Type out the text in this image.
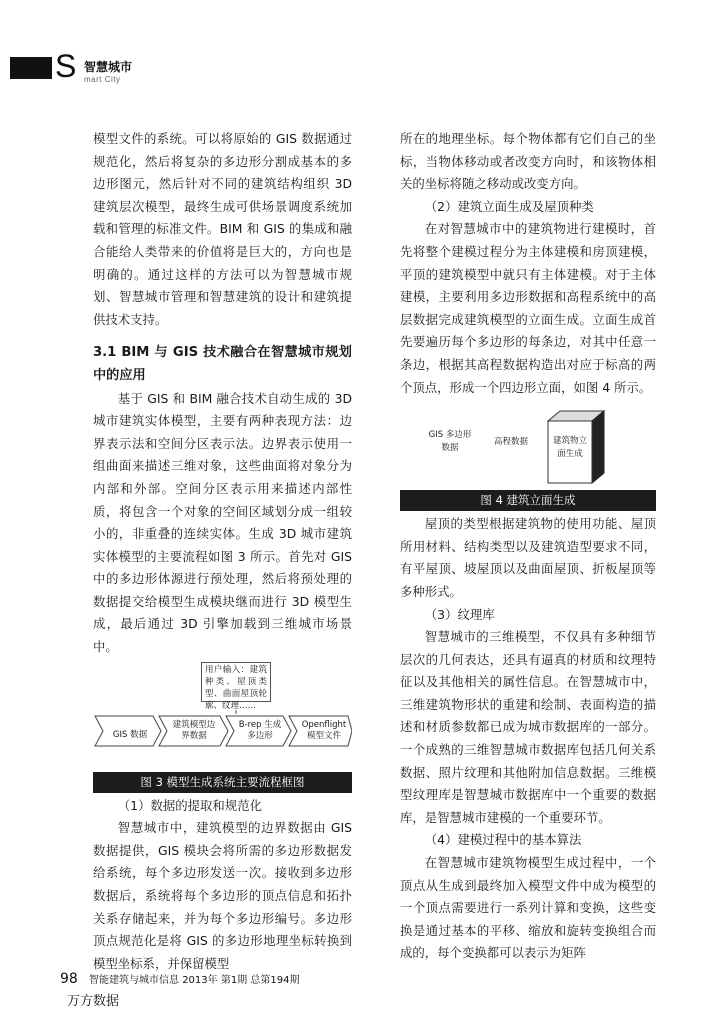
S 智慧城市
mart City

模型文件的系统。可以将原始的 GIS 数据通过规范化，然后将复杂的多边形分割成基本的多边形图元，然后针对不同的建筑结构组织 3D 建筑层次模型，最终生成可供场景调度系统加载和管理的标准文件。BIM 和 GIS 的集成和融合能给人类带来的价值将是巨大的，方向也是明确的。通过这样的方法可以为智慧城市规划、智慧城市管理和智慧建筑的设计和建筑提供技术支持。

3.1 BIM 与 GIS 技术融合在智慧城市规划中的应用

基于 GIS 和 BIM 融合技术自动生成的 3D 城市建筑实体模型，主要有两种表现方法：边界表示法和空间分区表示法。边界表示使用一组曲面来描述三维对象，这些曲面将对象分为内部和外部。空间分区表示用来描述内部性质，将包含一个对象的空间区域划分成一组较小的，非重叠的连续实体。生成 3D 城市建筑实体模型的主要流程如图 3 所示。首先对 GIS 中的多边形体源进行预处理，然后将预处理的数据提交给模型生成模块继而进行 3D 模型生成，最后通过 3D 引擎加载到三维城市场景中。

用户输入：建筑种类、屋顶类型、曲面屋顶轮廓、纹理……
GIS 数据
建筑模型边界数据
B-rep 生成多边形
Openflight 模型文件
图 3 模型生成系统主要流程框图

（1）数据的提取和规范化

智慧城市中，建筑模型的边界数据由 GIS 数据提供，GIS 模块会将所需的多边形数据发给系统，每个多边形发送一次。接收到多边形数据后，系统将每个多边形的顶点信息和拓扑关系存储起来，并为每个多边形编号。多边形顶点规范化是将 GIS 的多边形地理坐标转换到模型坐标系，并保留模型

所在的地理坐标。每个物体都有它们自己的坐标，当物体移动或者改变方向时，和该物体相关的坐标将随之移动或改变方向。

（2）建筑立面生成及屋顶种类

在对智慧城市中的建筑物进行建模时，首先将整个建模过程分为主体建模和房顶建模，平顶的建筑模型中就只有主体建模。对于主体建模，主要利用多边形数据和高程系统中的高层数据完成建筑模型的立面生成。立面生成首先要遍历每个多边形的每条边，对其中任意一条边，根据其高程数据构造出对应于标高的两个顶点，形成一个四边形立面，如图 4 所示。

GIS 多边形数据
高程数据	建筑物立面生成
图 4 建筑立面生成

屋顶的类型根据建筑物的使用功能、屋顶所用材料、结构类型以及建筑造型要求不同，有平屋顶、坡屋顶以及曲面屋顶、折板屋顶等多种形式。

（3）纹理库

智慧城市的三维模型，不仅具有多种细节层次的几何表达，还具有逼真的材质和纹理特征以及其他相关的属性信息。在智慧城市中，三维建筑物形状的重建和绘制、表面构造的描述和材质参数都已成为城市数据库的一部分。一个成熟的三维智慧城市数据库包括几何关系数据、照片纹理和其他附加信息数据。三维模型纹理库是智慧城市数据库中一个重要的数据库，是智慧城市建模的一个重要环节。

（4）建模过程中的基本算法

在智慧城市建筑物模型生成过程中，一个顶点从生成到最终加入模型文件中成为模型的一个顶点需要进行一系列计算和变换，这些变换是通过基本的平移、缩放和旋转变换组合而成的，每个变换都可以表示为矩阵

98 智能建筑与城市信息 2013年 第1期 总第194期
万方数据
